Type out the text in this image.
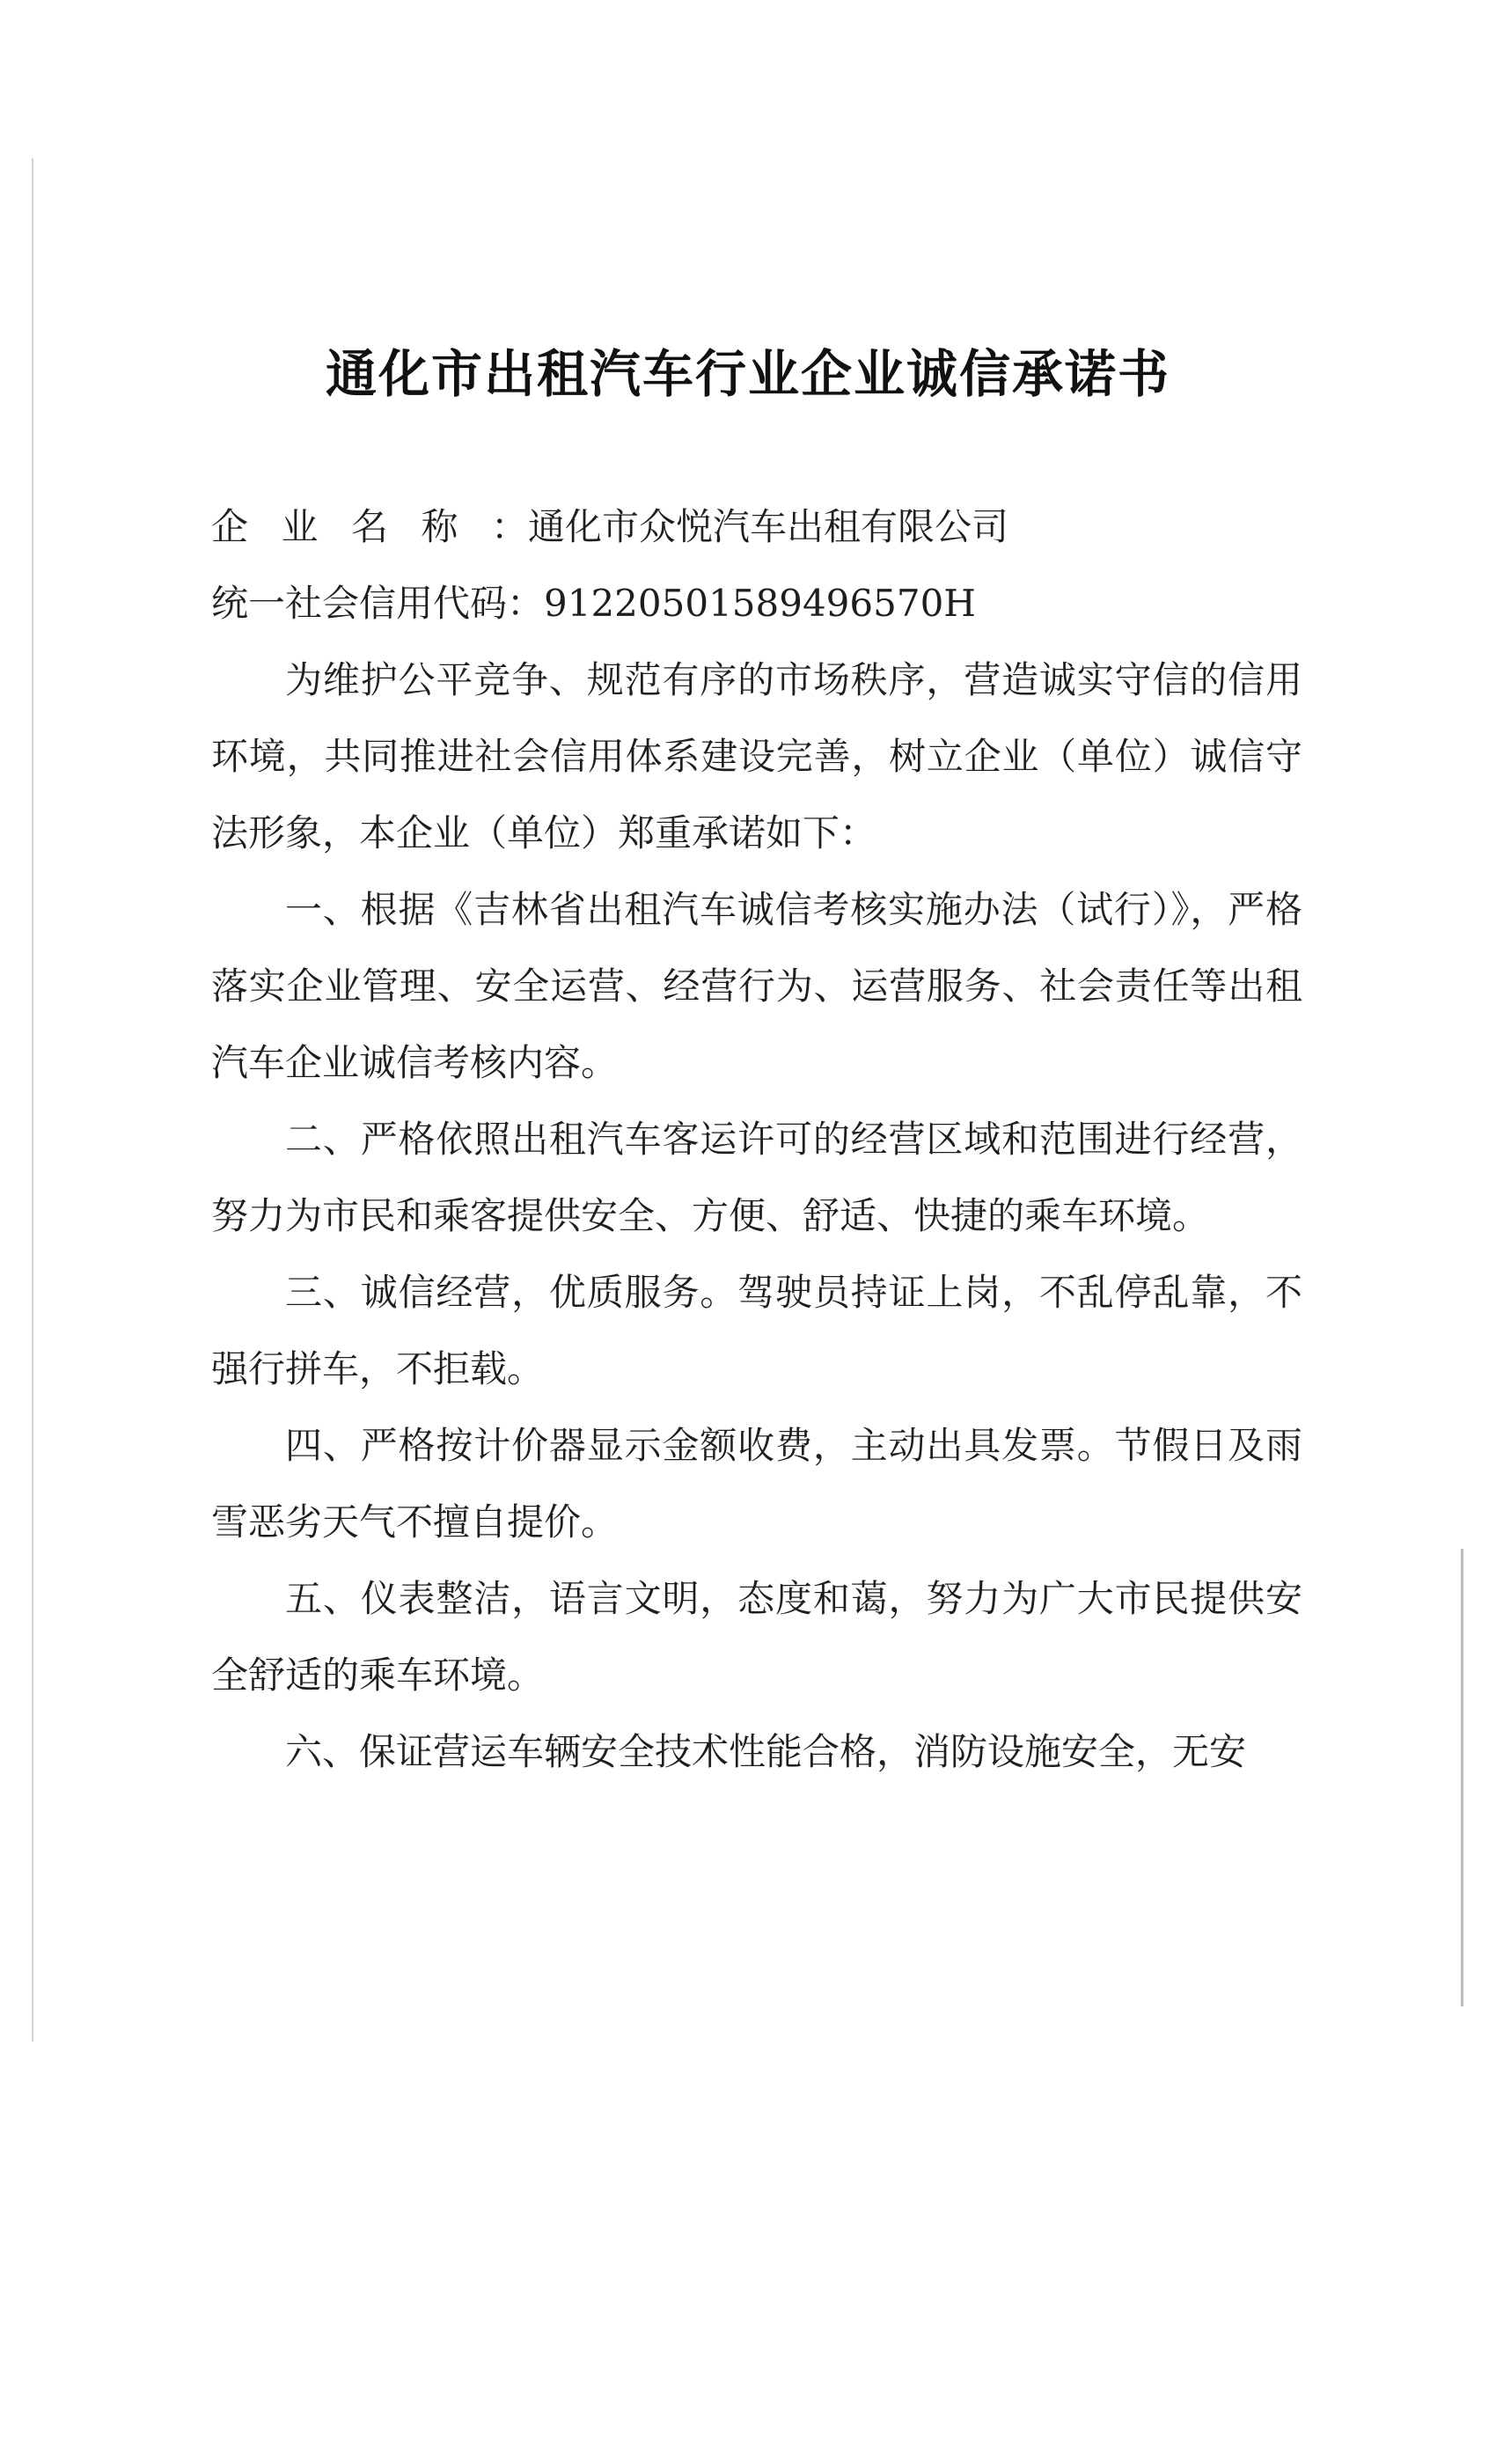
通化市出租汽车行业企业诚信承诺书
企业名称：通化市众悦汽车出租有限公司
统一社会信用代码：91220501589496570H
为维护公平竞争、规范有序的市场秩序，营造诚实守信的信用环境，共同推进社会信用体系建设完善，树立企业（单位）诚信守法形象，本企业（单位）郑重承诺如下：
一、根据《吉林省出租汽车诚信考核实施办法（试行）》，严格落实企业管理、安全运营、经营行为、运营服务、社会责任等出租汽车企业诚信考核内容。
二、严格依照出租汽车客运许可的经营区域和范围进行经营，努力为市民和乘客提供安全、方便、舒适、快捷的乘车环境。
三、诚信经营，优质服务。驾驶员持证上岗，不乱停乱靠，不强行拼车，不拒载。
四、严格按计价器显示金额收费，主动出具发票。节假日及雨雪恶劣天气不擅自提价。
五、仪表整洁，语言文明，态度和蔼，努力为广大市民提供安全舒适的乘车环境。
六、保证营运车辆安全技术性能合格，消防设施安全，无安
